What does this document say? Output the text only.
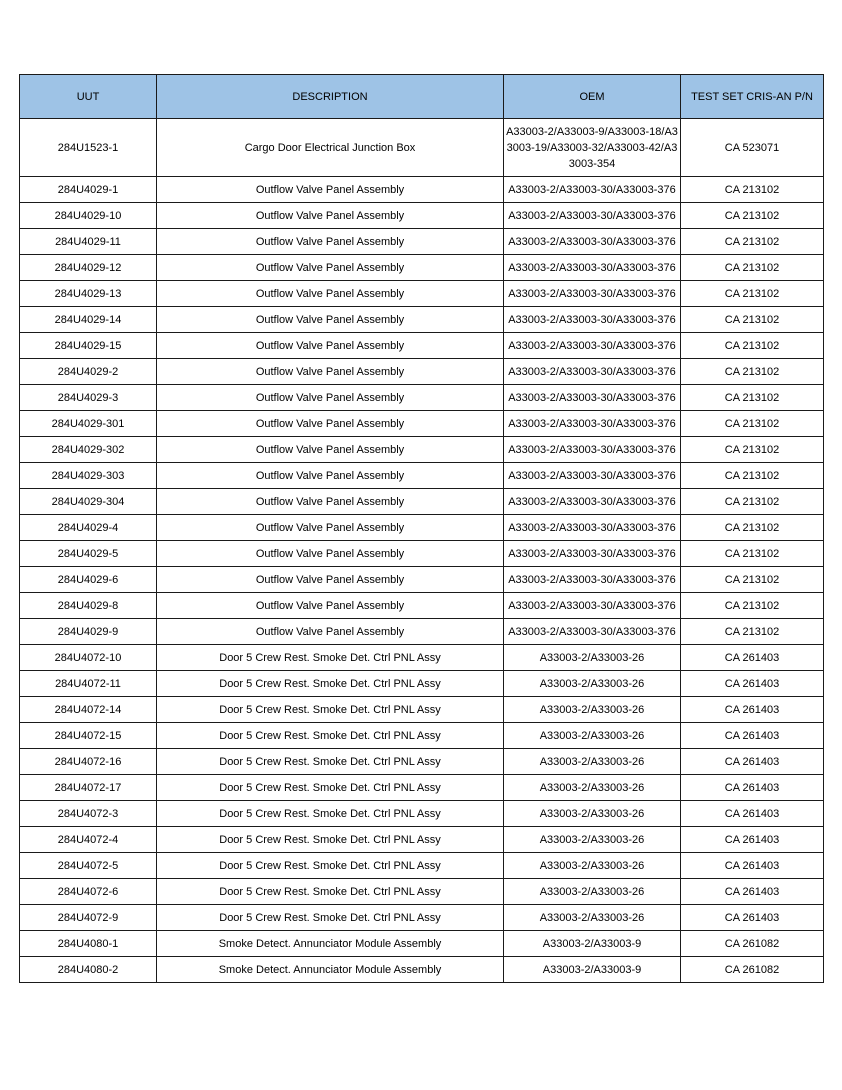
UUT	DESCRIPTION	OEM	TEST SET CRIS-AN P/N
284U1523-1	Cargo Door Electrical Junction Box	A33003-2/A33003-9/A33003-18/A33003-19/A33003-32/A33003-42/A33003-354	CA 523071
284U4029-1	Outflow Valve Panel Assembly	A33003-2/A33003-30/A33003-376	CA 213102
284U4029-10	Outflow Valve Panel Assembly	A33003-2/A33003-30/A33003-376	CA 213102
284U4029-11	Outflow Valve Panel Assembly	A33003-2/A33003-30/A33003-376	CA 213102
284U4029-12	Outflow Valve Panel Assembly	A33003-2/A33003-30/A33003-376	CA 213102
284U4029-13	Outflow Valve Panel Assembly	A33003-2/A33003-30/A33003-376	CA 213102
284U4029-14	Outflow Valve Panel Assembly	A33003-2/A33003-30/A33003-376	CA 213102
284U4029-15	Outflow Valve Panel Assembly	A33003-2/A33003-30/A33003-376	CA 213102
284U4029-2	Outflow Valve Panel Assembly	A33003-2/A33003-30/A33003-376	CA 213102
284U4029-3	Outflow Valve Panel Assembly	A33003-2/A33003-30/A33003-376	CA 213102
284U4029-301	Outflow Valve Panel Assembly	A33003-2/A33003-30/A33003-376	CA 213102
284U4029-302	Outflow Valve Panel Assembly	A33003-2/A33003-30/A33003-376	CA 213102
284U4029-303	Outflow Valve Panel Assembly	A33003-2/A33003-30/A33003-376	CA 213102
284U4029-304	Outflow Valve Panel Assembly	A33003-2/A33003-30/A33003-376	CA 213102
284U4029-4	Outflow Valve Panel Assembly	A33003-2/A33003-30/A33003-376	CA 213102
284U4029-5	Outflow Valve Panel Assembly	A33003-2/A33003-30/A33003-376	CA 213102
284U4029-6	Outflow Valve Panel Assembly	A33003-2/A33003-30/A33003-376	CA 213102
284U4029-8	Outflow Valve Panel Assembly	A33003-2/A33003-30/A33003-376	CA 213102
284U4029-9	Outflow Valve Panel Assembly	A33003-2/A33003-30/A33003-376	CA 213102
284U4072-10	Door 5 Crew Rest. Smoke Det. Ctrl PNL Assy	A33003-2/A33003-26	CA 261403
284U4072-11	Door 5 Crew Rest. Smoke Det. Ctrl PNL Assy	A33003-2/A33003-26	CA 261403
284U4072-14	Door 5 Crew Rest. Smoke Det. Ctrl PNL Assy	A33003-2/A33003-26	CA 261403
284U4072-15	Door 5 Crew Rest. Smoke Det. Ctrl PNL Assy	A33003-2/A33003-26	CA 261403
284U4072-16	Door 5 Crew Rest. Smoke Det. Ctrl PNL Assy	A33003-2/A33003-26	CA 261403
284U4072-17	Door 5 Crew Rest. Smoke Det. Ctrl PNL Assy	A33003-2/A33003-26	CA 261403
284U4072-3	Door 5 Crew Rest. Smoke Det. Ctrl PNL Assy	A33003-2/A33003-26	CA 261403
284U4072-4	Door 5 Crew Rest. Smoke Det. Ctrl PNL Assy	A33003-2/A33003-26	CA 261403
284U4072-5	Door 5 Crew Rest. Smoke Det. Ctrl PNL Assy	A33003-2/A33003-26	CA 261403
284U4072-6	Door 5 Crew Rest. Smoke Det. Ctrl PNL Assy	A33003-2/A33003-26	CA 261403
284U4072-9	Door 5 Crew Rest. Smoke Det. Ctrl PNL Assy	A33003-2/A33003-26	CA 261403
284U4080-1	Smoke Detect. Annunciator Module Assembly	A33003-2/A33003-9	CA 261082
284U4080-2	Smoke Detect. Annunciator Module Assembly	A33003-2/A33003-9	CA 261082
